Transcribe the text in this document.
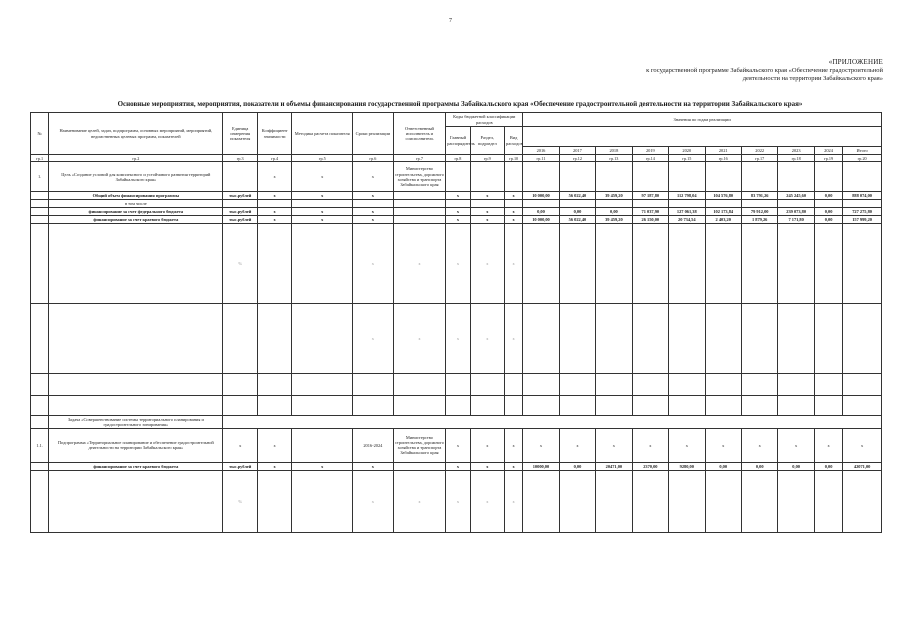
7
«ПРИЛОЖЕНИЕ
к государственной программе Забайкальского края «Обеспечение градостроительной
деятельности на территории Забайкальского края»
Основные мероприятия, мероприятия, показатели и объемы финансирования государственной программы Забайкальского края «Обеспечение градостроительной деятельности на территории Забайкальского края»
№	Наименование целей, задач, подпрограмм, основных мероприятий, мероприятий, ведомственных целевых программ, показателей	Единица измерения показателя	Коэффициент значимости	Методика расчета показателя	Сроки реализации	Ответственный исполнитель и соисполнитель	Коды бюджетной классификации расходов			Значения по годам реализации									
							Главный распорядитель	Раздел, подраздел	Вид расходов										
										2016	2017	2018	2019	2020	2021	2022	2023	2024	Итого
гр.1	гр.2	гр.3	гр.4	гр.5	гр.6	гр.7	гр.8	гр.9	гр.10	гр.11	гр.12	гр.13	гр.14	гр.15	гр.16	гр.17	гр.18	гр.19	гр.20
1.	Цель «Создание условий для комплексного и устойчивого развития территорий Забайкальского края»		х	х	х	Министерство строительства, дорожного хозяйства и транспорта Забайкальского края													
	Общий объем финансирования программы	тыс.рублей	х	х	х		х	х	х	10 000,00	56 022,40	39 459,20	97 187,80	112 798,04	104 576,80	83 791,26	245 245,60	0,00	888 074,00
	в том числе																		
	финансирование за счет федерального бюджета	тыс.рублей	х	х	х		х	х	х	0,00	0,00	0,00	71 037,90	127 061,38	102 173,84	79 912,00	239 073,80	0,00	727 275,80
	финансирование за счет краевого бюджета	тыс.рублей	х	х	х		х	х	х	10 000,00	56 022,40	39 459,20	26 150,00	20 734,54	2 403,20	1 879,26	7 171,80	0,00	157 999,20
		%			х	х	х	х	х										
					х	х	х	х	х										

	Задача «Совершенствование системы территориального планирования и градостроительного зонирования»																		
1.1.	Подпрограмма «Территориальное планирование и обеспечение градостроительной деятельности на территории Забайкальского края»	х	х		2016-2024	Министерство строительства, дорожного хозяйства и транспорта Забайкальского края	х	х	х	х	х	х	х	х	х	х	х	х	х
	финансирование за счет краевого бюджета	тыс.рублей	х	х	х		х	х	х	10000,00	0,00	20471,00	2370,00	9280,00	0,00	0,00	0,00	0,00	42071,00
		%			х	х	х	х	х										
